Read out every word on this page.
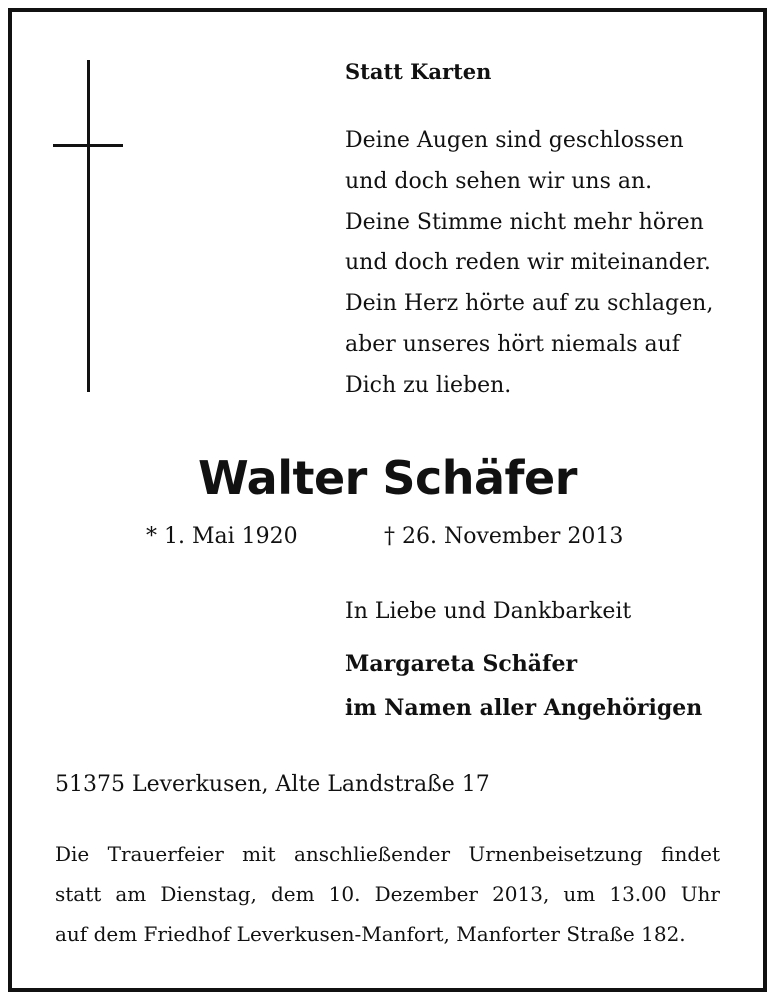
Statt Karten
Deine Augen sind geschlossen
und doch sehen wir uns an.
Deine Stimme nicht mehr hören
und doch reden wir miteinander.
Dein Herz hörte auf zu schlagen,
aber unseres hört niemals auf
Dich zu lieben.
Walter Schäfer
* 1. Mai 1920	† 26. November 2013
In Liebe und Dankbarkeit
Margareta Schäfer
im Namen aller Angehörigen
51375 Leverkusen, Alte Landstraße 17
Die Trauerfeier mit anschließender Urnenbeisetzung findet
statt am Dienstag, dem 10. Dezember 2013, um 13.00 Uhr
auf dem Friedhof Leverkusen-Manfort, Manforter Straße 182.
